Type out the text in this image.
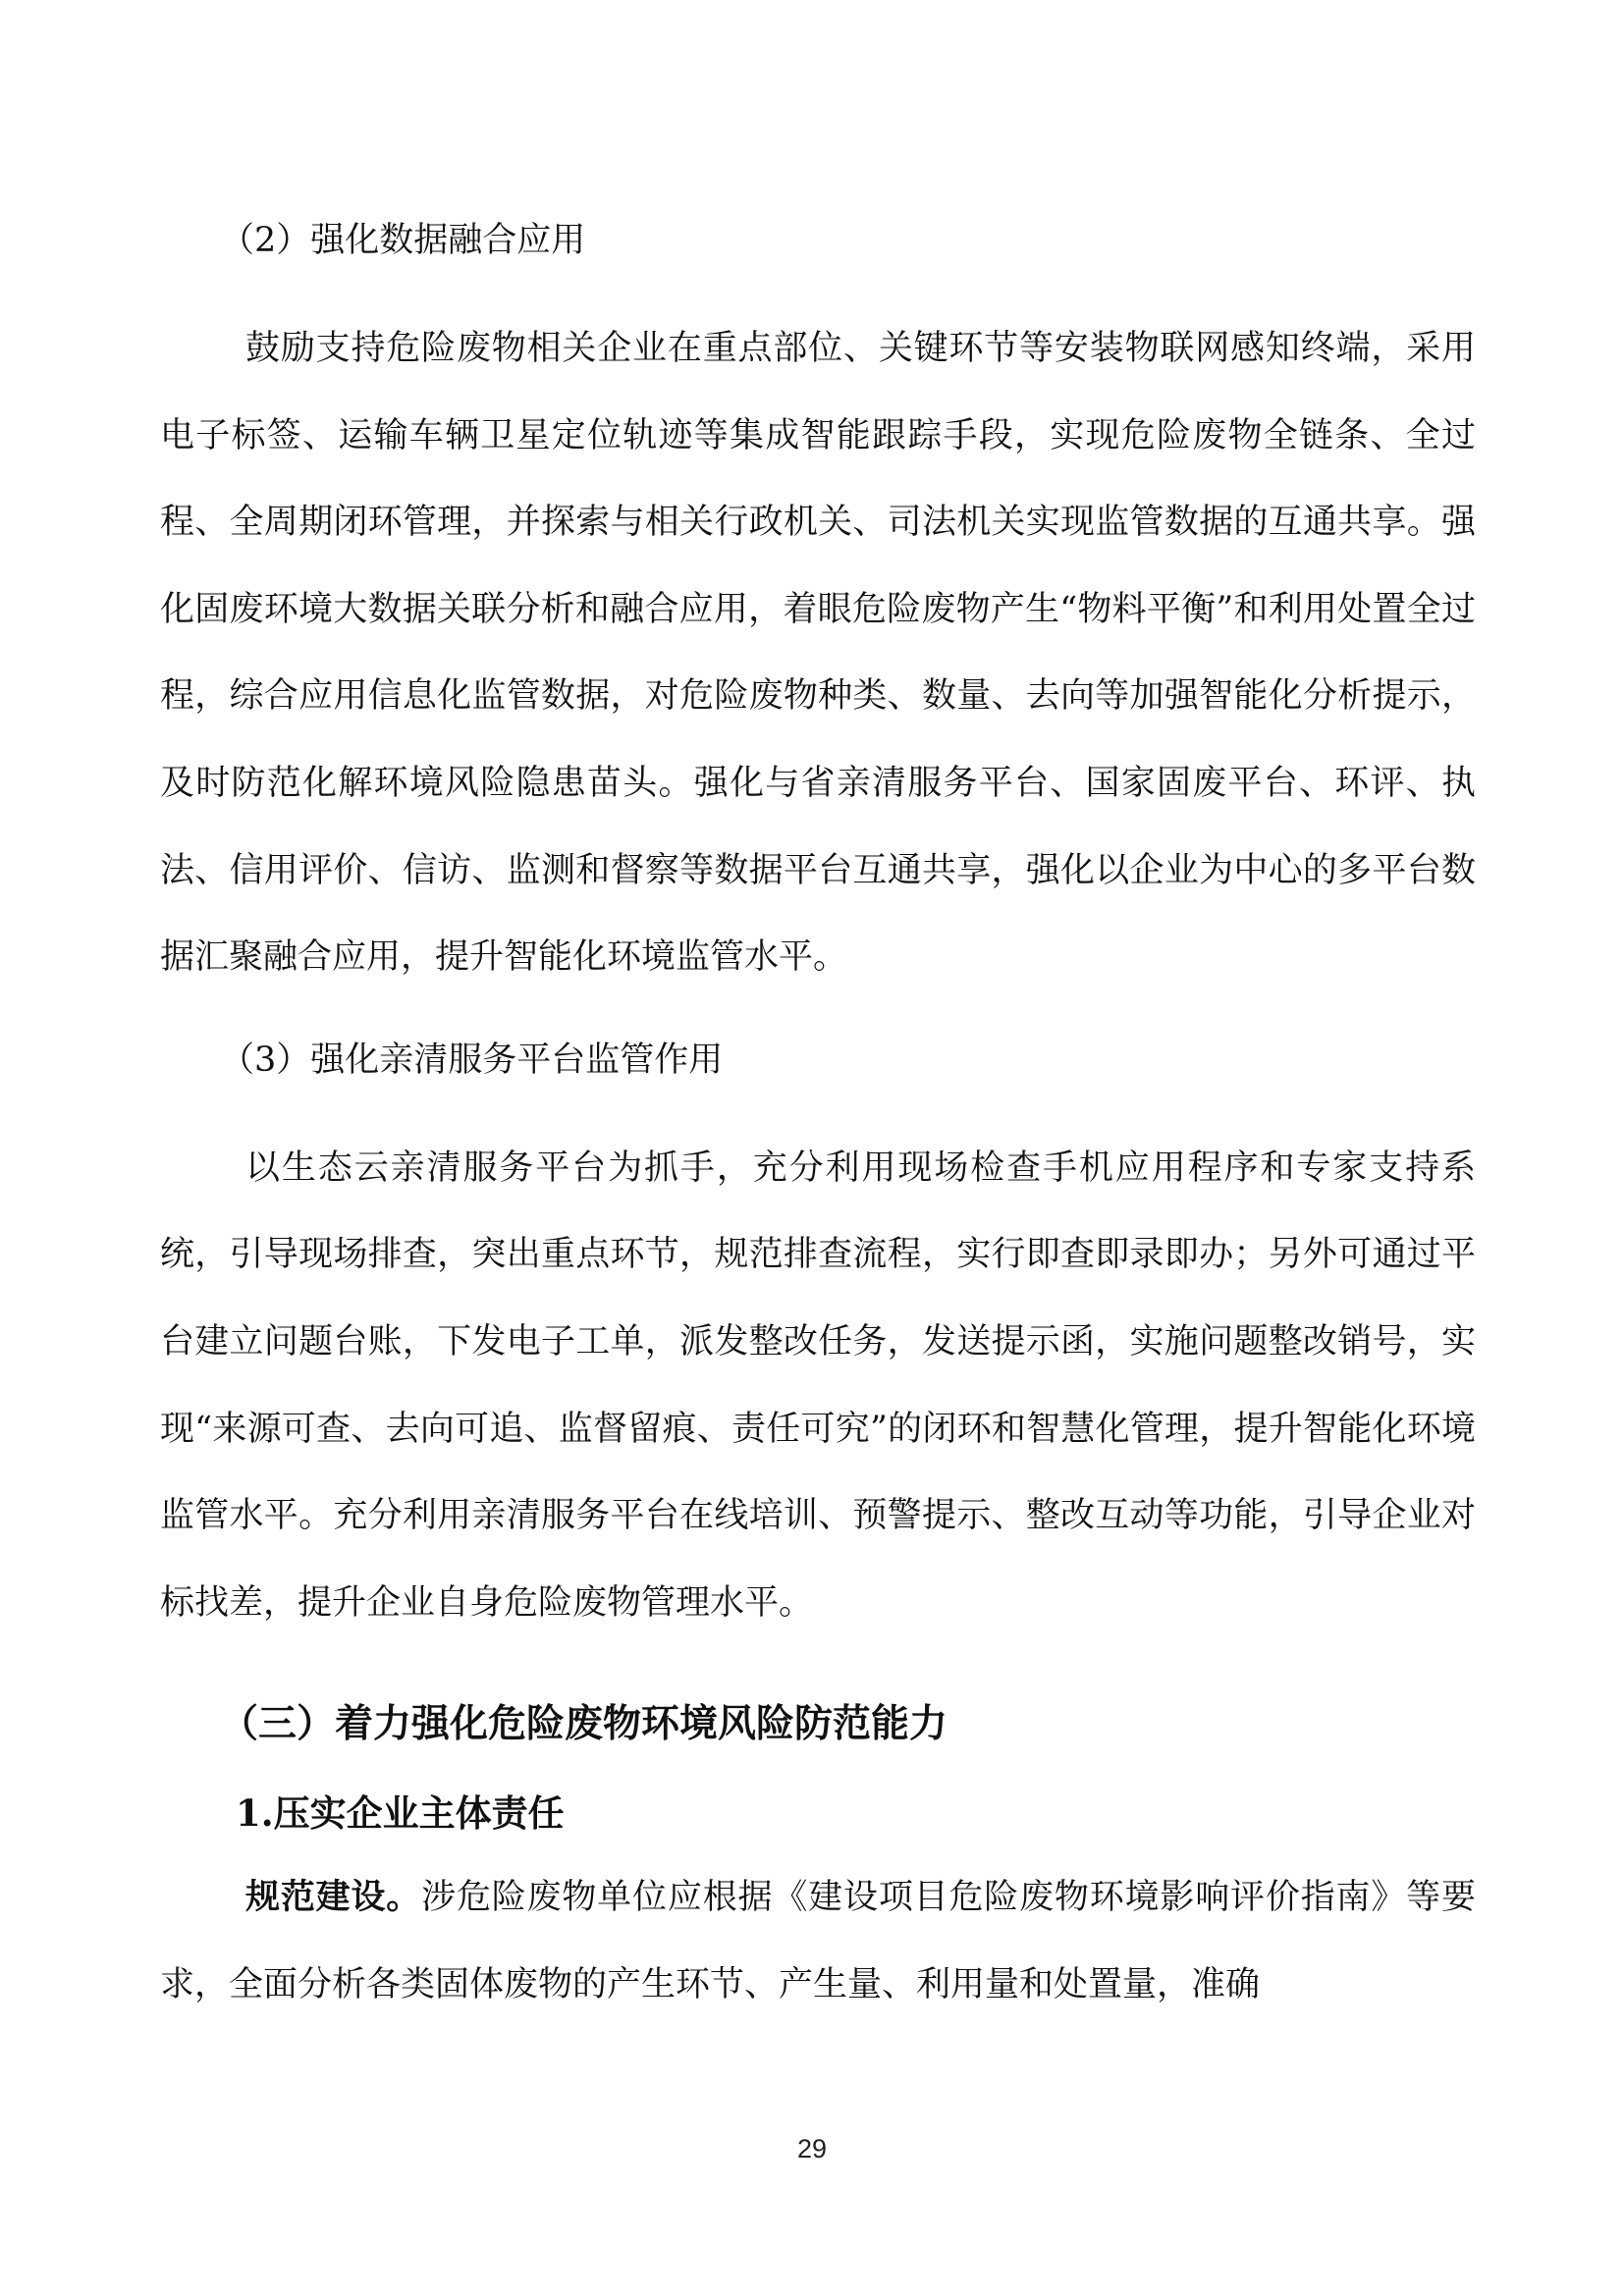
（2）强化数据融合应用

鼓励支持危险废物相关企业在重点部位、关键环节等安装物联网感知终端，采用电子标签、运输车辆卫星定位轨迹等集成智能跟踪手段，实现危险废物全链条、全过程、全周期闭环管理，并探索与相关行政机关、司法机关实现监管数据的互通共享。强化固废环境大数据关联分析和融合应用，着眼危险废物产生“物料平衡”和利用处置全过程，综合应用信息化监管数据，对危险废物种类、数量、去向等加强智能化分析提示，及时防范化解环境风险隐患苗头。强化与省亲清服务平台、国家固废平台、环评、执法、信用评价、信访、监测和督察等数据平台互通共享，强化以企业为中心的多平台数据汇聚融合应用，提升智能化环境监管水平。

（3）强化亲清服务平台监管作用

以生态云亲清服务平台为抓手，充分利用现场检查手机应用程序和专家支持系统，引导现场排查，突出重点环节，规范排查流程，实行即查即录即办；另外可通过平台建立问题台账，下发电子工单，派发整改任务，发送提示函，实施问题整改销号，实现“来源可查、去向可追、监督留痕、责任可究”的闭环和智慧化管理，提升智能化环境监管水平。充分利用亲清服务平台在线培训、预警提示、整改互动等功能，引导企业对标找差，提升企业自身危险废物管理水平。

（三）着力强化危险废物环境风险防范能力
1.压实企业主体责任

规范建设。涉危险废物单位应根据《建设项目危险废物环境影响评价指南》等要求，全面分析各类固体废物的产生环节、产生量、利用量和处置量，准确

29
